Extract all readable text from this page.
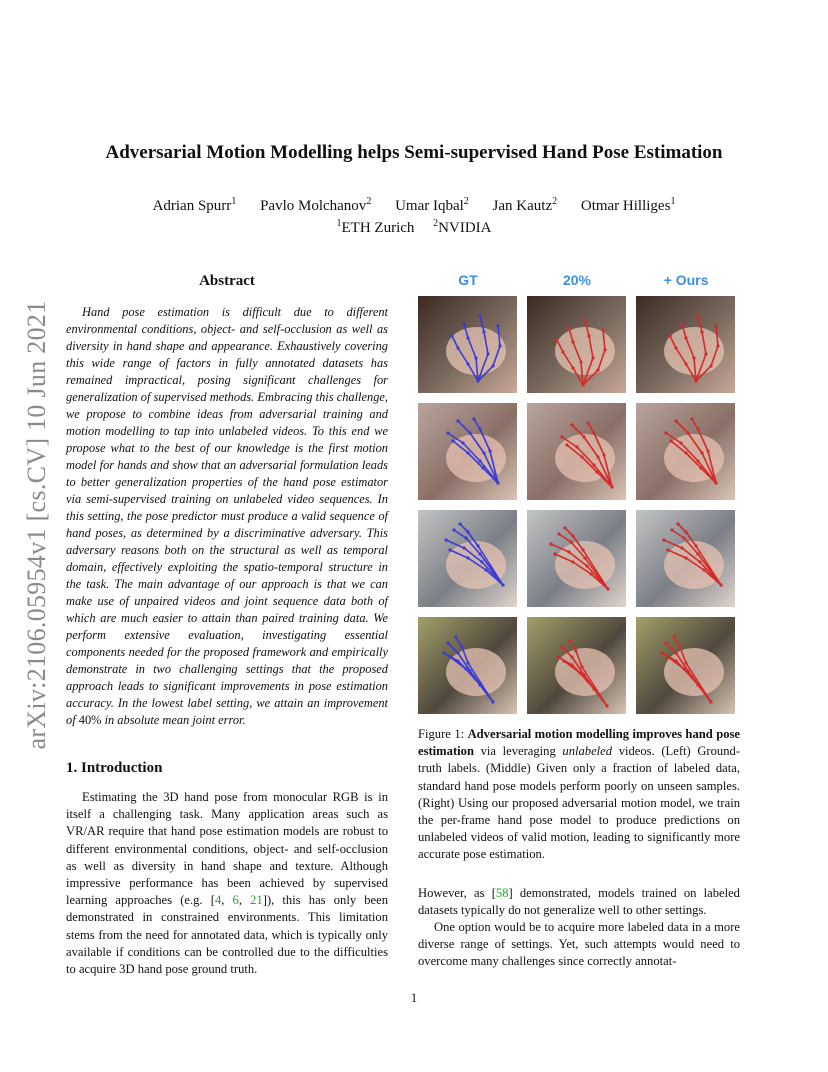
arXiv:2106.05954v1 [cs.CV] 10 Jun 2021
Adversarial Motion Modelling helps Semi-supervised Hand Pose Estimation
Adrian Spurr$^1$ Pavlo Molchanov$^2$ Umar Iqbal$^2$ Jan Kautz$^2$ Otmar Hilliges$^1$
$^1$ETH Zurich $^2$NVIDIA
Abstract
Hand pose estimation is difficult due to different environmental conditions, object- and self-occlusion as well as diversity in hand shape and appearance. Exhaustively covering this wide range of factors in fully annotated datasets has remained impractical, posing significant challenges for generalization of supervised methods. Embracing this challenge, we propose to combine ideas from adversarial training and motion modelling to tap into unlabeled videos. To this end we propose what to the best of our knowledge is the first motion model for hands and show that an adversarial formulation leads to better generalization properties of the hand pose estimator via semi-supervised training on unlabeled video sequences. In this setting, the pose predictor must produce a valid sequence of hand poses, as determined by a discriminative adversary. This adversary reasons both on the structural as well as temporal domain, effectively exploiting the spatio-temporal structure in the task. The main advantage of our approach is that we can make use of unpaired videos and joint sequence data both of which are much easier to attain than paired training data. We perform extensive evaluation, investigating essential components needed for the proposed framework and empirically demonstrate in two challenging settings that the proposed approach leads to significant improvements in pose estimation accuracy. In the lowest label setting, we attain an improvement of 40% in absolute mean joint error.
1. Introduction
Estimating the 3D hand pose from monocular RGB is in itself a challenging task. Many application areas such as VR/AR require that hand pose estimation models are robust to different environmental conditions, object- and self-occlusion as well as diversity in hand shape and texture. Although impressive performance has been achieved by supervised learning approaches (e.g. [4, 6, 21]), this has only been demonstrated in constrained environments. This limitation stems from the need for annotated data, which is typically only available if conditions can be controlled due to the difficulties to acquire 3D hand pose ground truth.
GT	20%	+ Ours
Figure 1: Adversarial motion modelling improves hand pose estimation via leveraging unlabeled videos. (Left) Ground-truth labels. (Middle) Given only a fraction of labeled data, standard hand pose models perform poorly on unseen samples. (Right) Using our proposed adversarial motion model, we train the per-frame hand pose model to produce predictions on unlabeled videos of valid motion, leading to significantly more accurate pose estimation.
However, as [58] demonstrated, models trained on labeled datasets typically do not generalize well to other settings.
One option would be to acquire more labeled data in a more diverse range of settings. Yet, such attempts would need to overcome many challenges since correctly annotat-
1
